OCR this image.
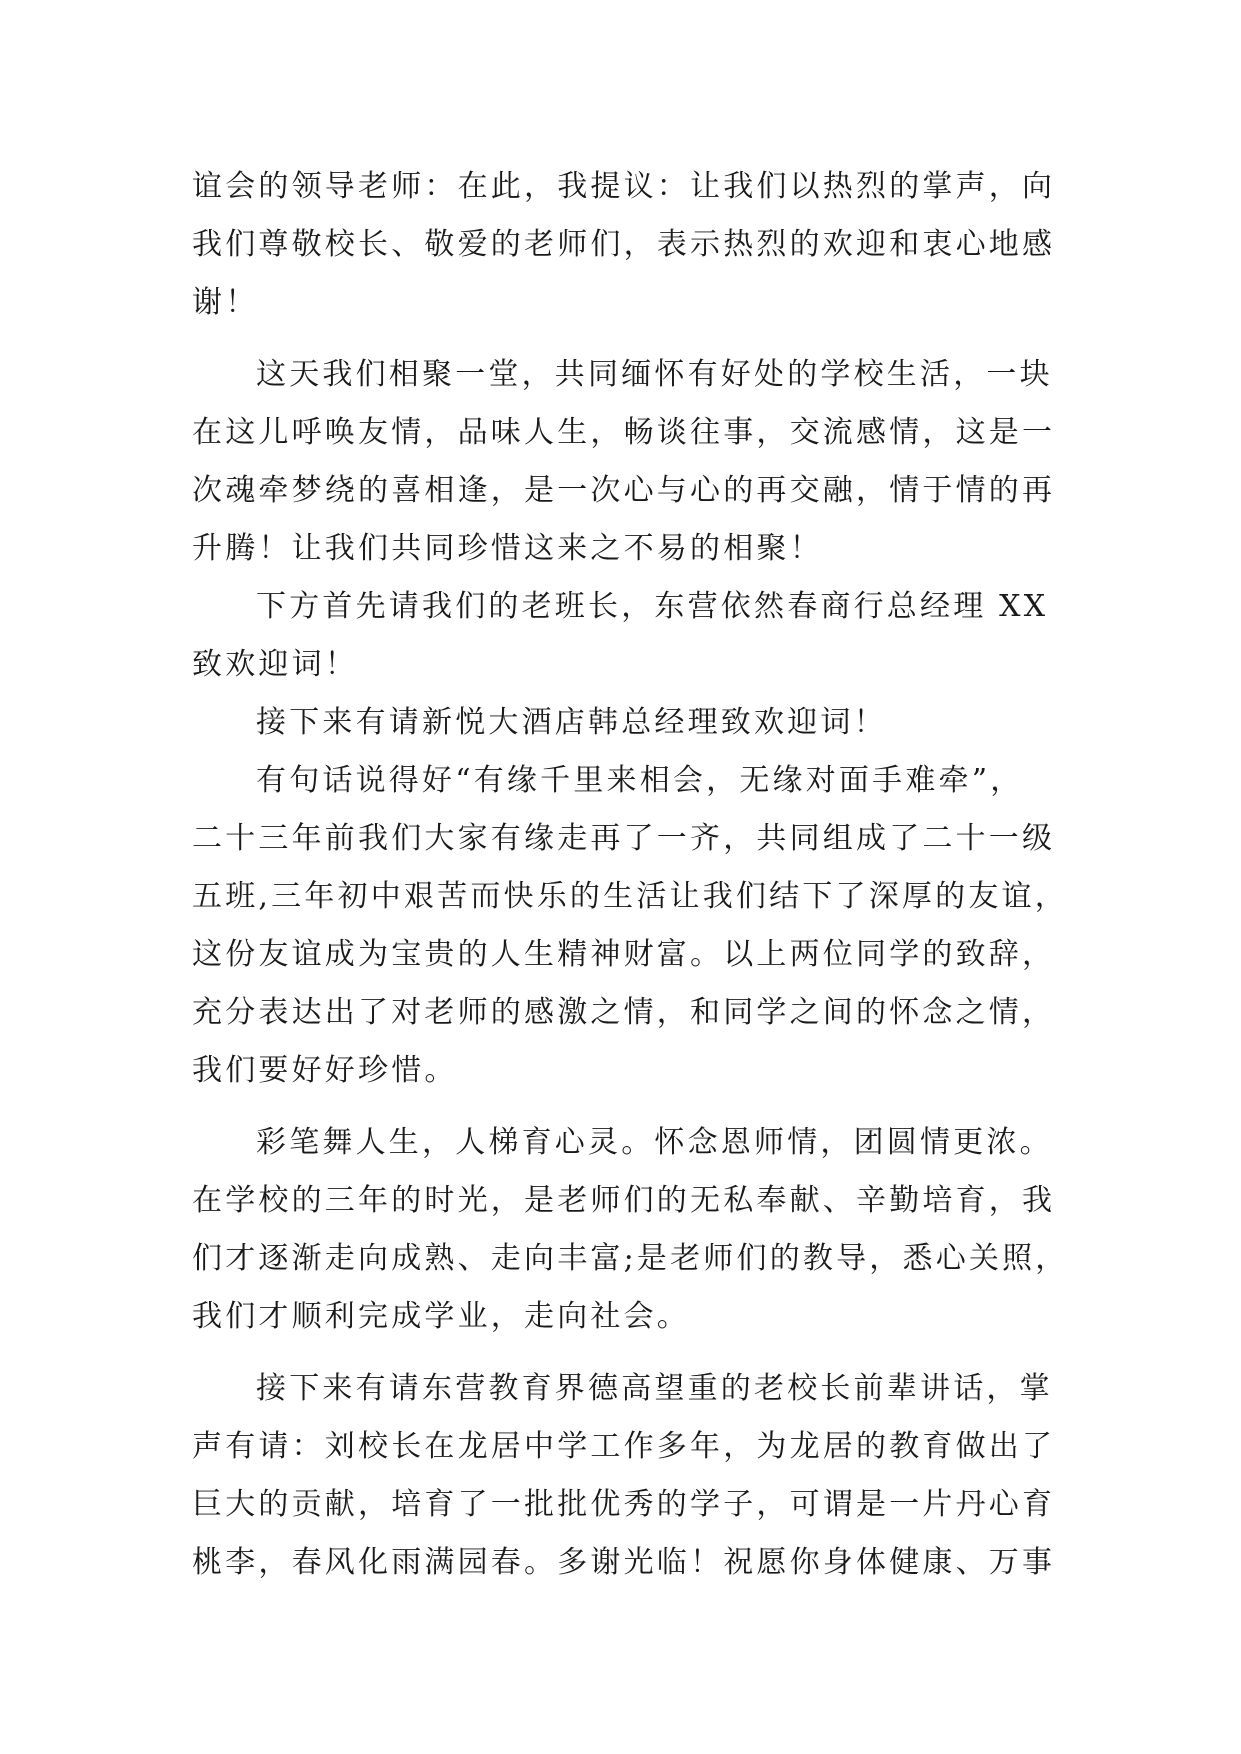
谊会的领导老师：在此，我提议：让我们以热烈的掌声，向
我们尊敬校长、敬爱的老师们，表示热烈的欢迎和衷心地感
谢！
这天我们相聚一堂，共同缅怀有好处的学校生活，一块
在这儿呼唤友情，品味人生，畅谈往事，交流感情，这是一
次魂牵梦绕的喜相逢，是一次心与心的再交融，情于情的再
升腾！让我们共同珍惜这来之不易的相聚！
下方首先请我们的老班长，东营依然春商行总经理 XX
致欢迎词！
接下来有请新悦大酒店韩总经理致欢迎词！
有句话说得好“有缘千里来相会，无缘对面手难牵”，
二十三年前我们大家有缘走再了一齐，共同组成了二十一级
五班,三年初中艰苦而快乐的生活让我们结下了深厚的友谊，
这份友谊成为宝贵的人生精神财富。以上两位同学的致辞，
充分表达出了对老师的感激之情，和同学之间的怀念之情，
我们要好好珍惜。
彩笔舞人生，人梯育心灵。怀念恩师情，团圆情更浓。
在学校的三年的时光，是老师们的无私奉献、辛勤培育，我
们才逐渐走向成熟、走向丰富;是老师们的教导，悉心关照，
我们才顺利完成学业，走向社会。
接下来有请东营教育界德高望重的老校长前辈讲话，掌
声有请：刘校长在龙居中学工作多年，为龙居的教育做出了
巨大的贡献，培育了一批批优秀的学子，可谓是一片丹心育
桃李，春风化雨满园春。多谢光临！祝愿你身体健康、万事
